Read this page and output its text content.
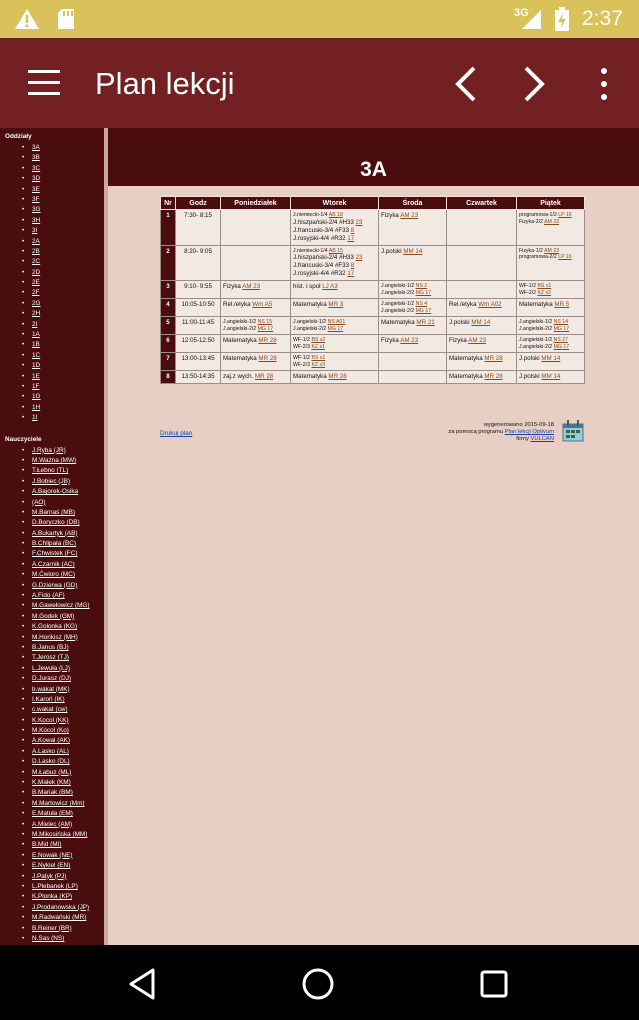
3G	2:37
Plan lekcji
Oddziały
• 3A
• 3B
• 3C
• 3D
• 3E
• 3F
• 3G
• 3H
• 3I
• 2A
• 2B
• 2C
• 2D
• 2E
• 2F
• 2G
• 2H
• 2I
• 1A
• 1B
• 1C
• 1D
• 1E
• 1F
• 1G
• 1H
• 1I
Nauczyciele
• J.Ryba (JR)
• M.Ważna (MW)
• T.Łebno (TL)
• J.Bobiec (JB)
• A.Bajorek-Osika
• (AO)
• M.Barnaś (MB)
• D.Boryczko (DB)
• A.Bukartyk (AB)
• B.Chlipała (BC)
• F.Chwistek (FC)
• A.Czarnik (AC)
• M.Ćwioro (MC)
• G.Dzierwa (GD)
• A.Fido (AF)
• M.Gawełowicz (MG)
• M.Godek (GM)
• K.Golonka (KG)
• M.Horikisz (MH)
• B.Janus (BJ)
• T.Jerosz (TJ)
• L.Jewuła (LJ)
• D.Jurasz (DJ)
• b.wakat (MK)
• I.Karoń (IK)
• c.wakat (cw)
• K.Kocol (KK)
• M.Kocol (Ko)
• A.Kowal (AK)
• A.Lasko (AL)
• D.Lasko (DL)
• M.Łabuz (ML)
• K.Małek (KM)
• B.Mariak (BM)
• M.Martowicz (Mm)
• E.Matuła (EM)
• A.Mielec (AM)
• M.Mikosińska (MM)
• B.Mid (MI)
• E.Nowak (NE)
• E.Nykiel (EN)
• J.Patyk (PJ)
• L.Plebanek (LP)
• K.Plonka (KP)
• J.Prodanowska (JP)
• M.Radwański (MR)
• B.Reiner (BR)
• N.Sas (NS)
3A
Nr	Godz	Poniedziałek	Wtorek	Środa	Czwartek	Piątek
1	7:30- 8:15		J.niemiecki-1/4 AB 18
J.hiszpański-2/4 #H33 23
J.francuski-3/4 #F33 8
J.rosyjski-4/4 #R32 17	Fizyka AM 23		programowa-1/2 LP 16
Fizyka-2/2 AM 23

2	8:20- 9:05		J.niemiecki-1/4 AB 15
J.hiszpański-2/4 #H33 23
J.francuski-3/4 #F33 8
J.rosyjski-4/4 #R32 17	J.polski MM 14		Fizyka-1/2 AM 23
programowa-2/2 LP 16

3	9:10- 9:55	Fizyka AM 23	hist. i społ LJ A3	J.angielski-1/2 NS 2
J.angielski-2/2 MG 17		WF-1/2 BS s1
WF-2/2 KZ s2

4	10:05-10:50	Rel./etyka Wm A5	Matematyka MR 3	J.angielski-1/2 NS 4
J.angielski-2/2 MG 17	Rel./etyka Wm A02	Matematyka MR 5

5	11:00-11:45	J.angielski-1/2 NS 15
J.angielski-2/2 MG 17	J.angielski-1/2 NS A01
J.angielski-2/2 MG 17	Matematyka MR 21	J.polski MM 14	J.angielski-1/2 NS 14
J.angielski-2/2 MG 17

6	12:05-12:50	Matematyka MR 28	WF-1/2 BS s2
WF-2/3 KZ s1	Fizyka AM 23	Fizyka AM 23	J.angielski-1/2 NS 27
J.angielski-2/2 MG 17

7	13:00-13:45	Matematyka MR 28	WF-1/2 BS s1
WF-2/3 KZ s3		Matematyka MR 28	J.polski MM 14

8	13:50-14:35	zaj.z wych. MR 28	Matematyka MR 28		Matematyka MR 28	J.polski MM 14
Drukuj plan
wygenerowano 2015-09-18
za pomocą programu Plan lekcji Optivum
firmy VULCAN
